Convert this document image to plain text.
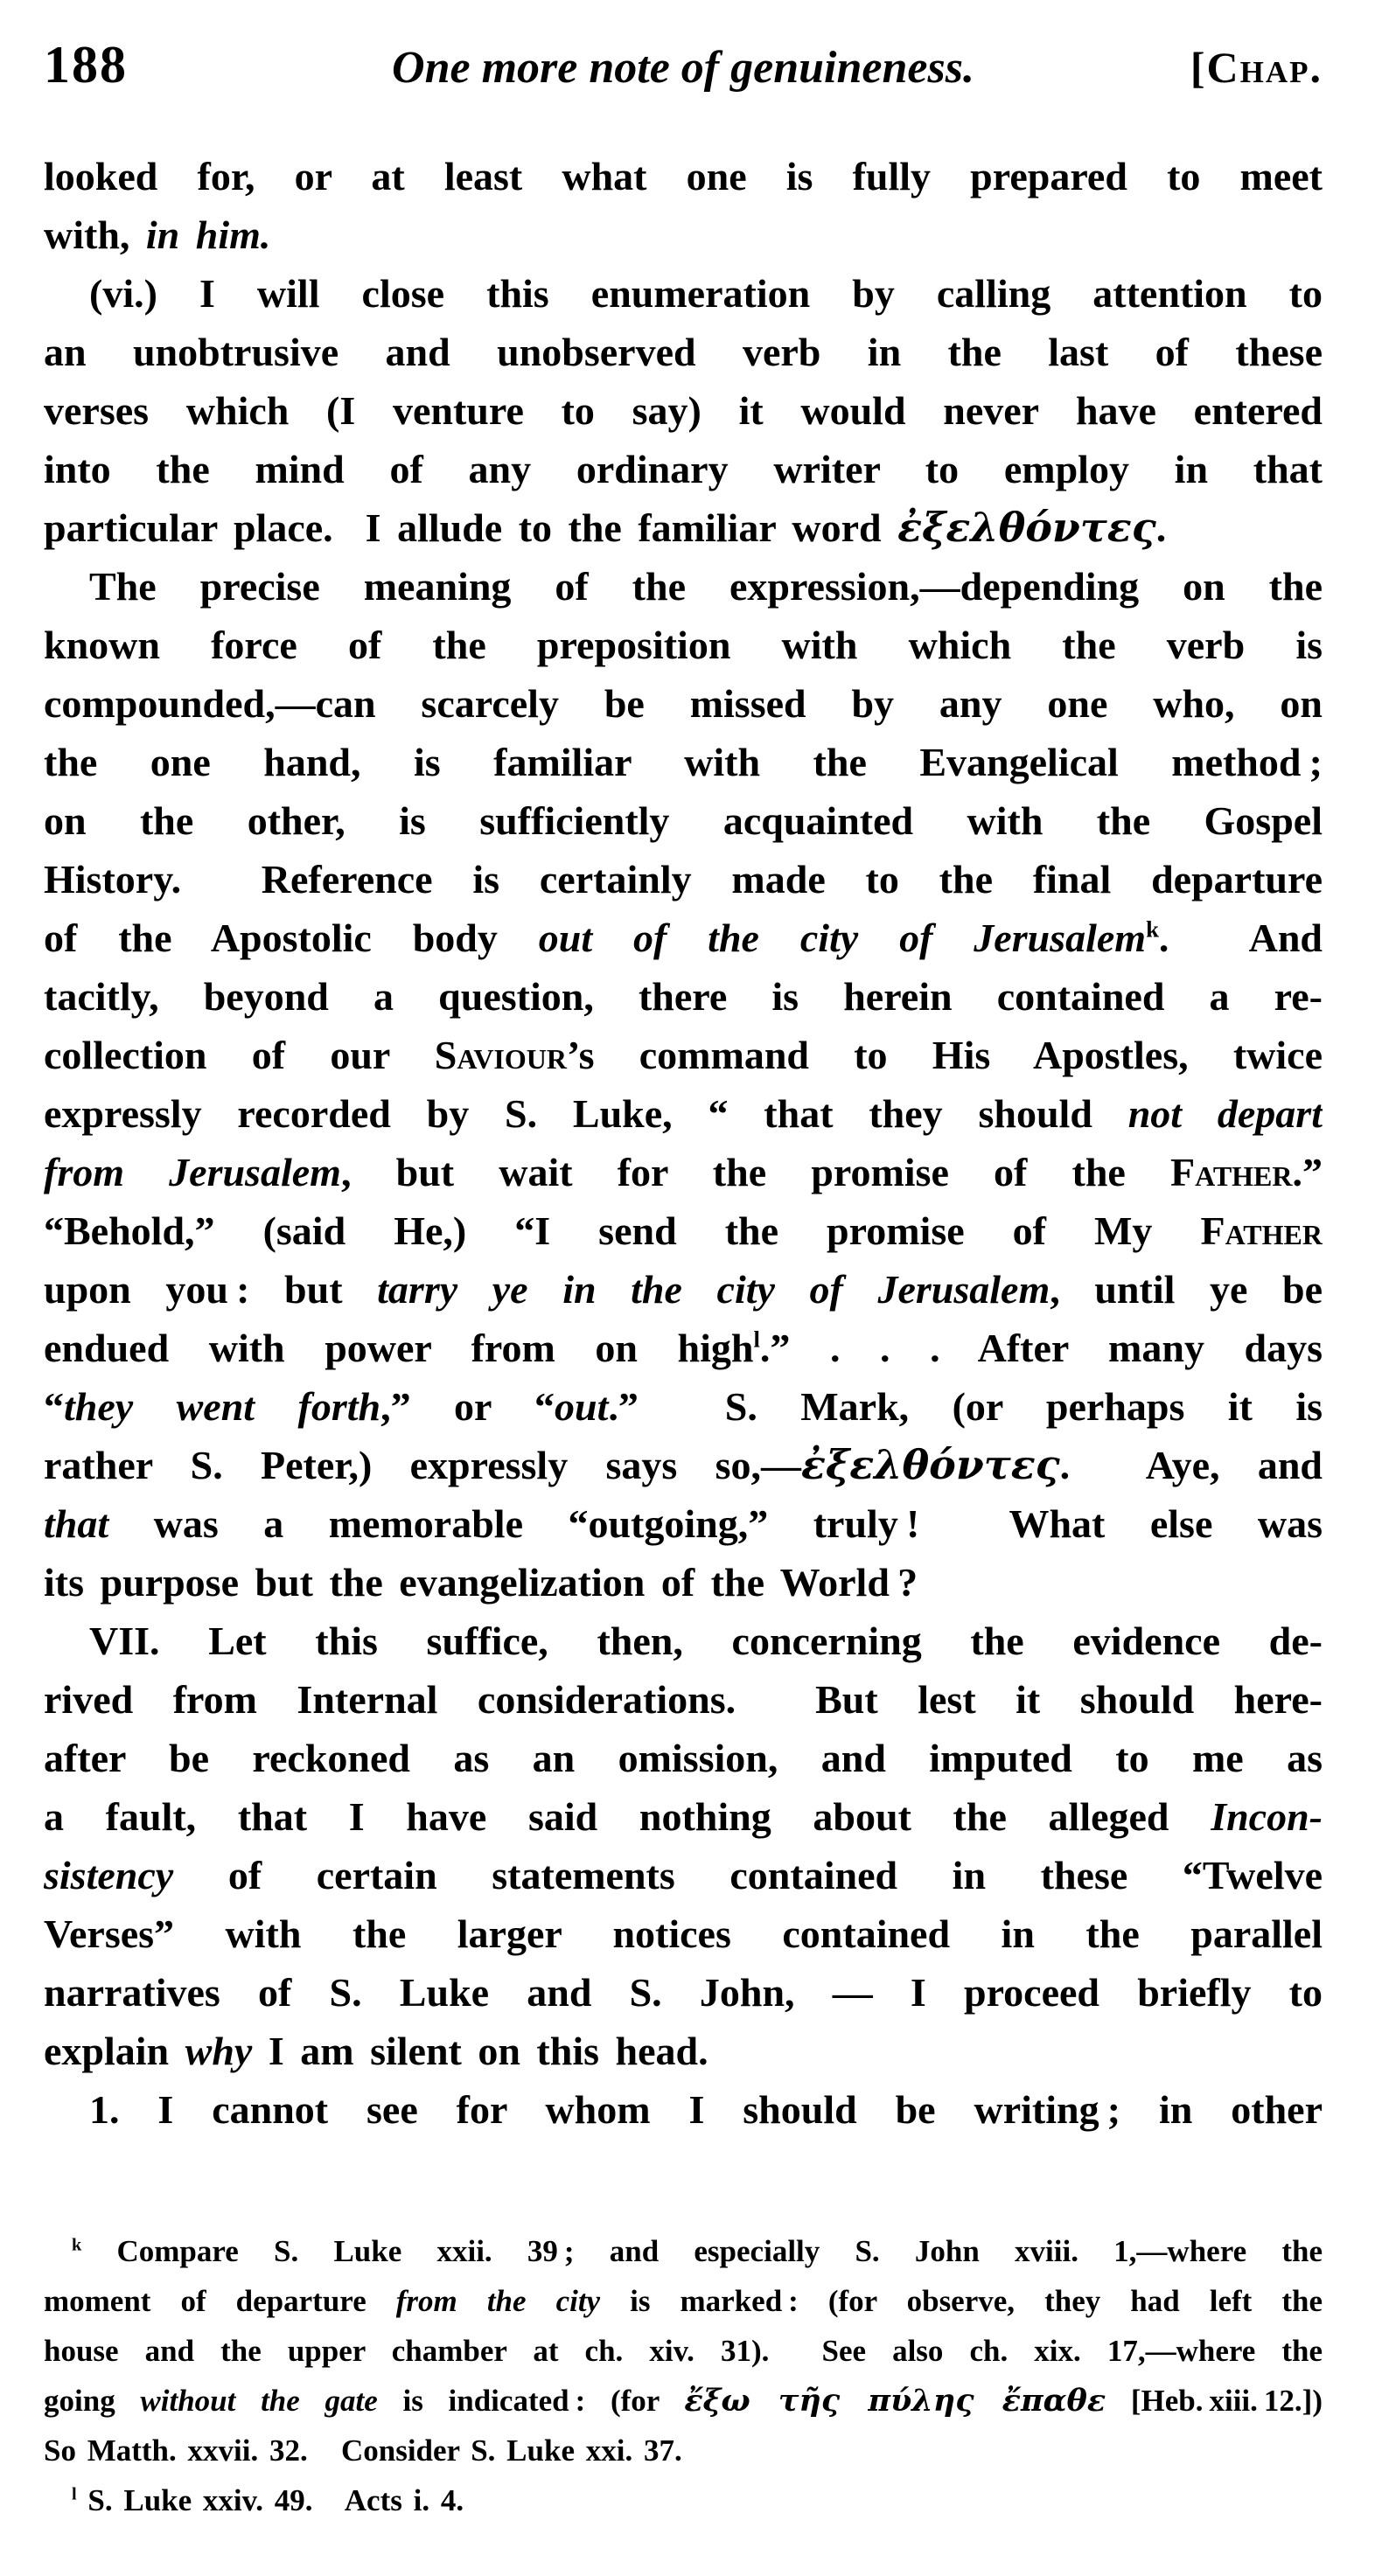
188	One more note of genuineness.	[Chap.
looked for, or at least what one is fully prepared to meet
with, in him.
(vi.) I will close this enumeration by calling attention to
an unobtrusive and unobserved verb in the last of these
verses which (I venture to say) it would never have entered
into the mind of any ordinary writer to employ in that
particular place.  I allude to the familiar word ἐξελθόντες.
The precise meaning of the expression,—depending on the
known force of the preposition with which the verb is
compounded,—can scarcely be missed by any one who, on
the one hand, is familiar with the Evangelical method ;
on the other, is sufficiently acquainted with the Gospel
History.  Reference is certainly made to the final departure
of the Apostolic body out of the city of Jerusalem$^k$.  And
tacitly, beyond a question, there is herein contained a re-
collection of our Saviour’s command to His Apostles, twice
expressly recorded by S. Luke, “ that they should not depart
from Jerusalem, but wait for the promise of the Father.”
“Behold,” (said He,) “I send the promise of My Father
upon you : but tarry ye in the city of Jerusalem, until ye be
endued with power from on high$^l$.” . . . After many days
“they went forth,” or “out.”  S. Mark, (or perhaps it is
rather S. Peter,) expressly says so,—ἐξελθόντες.  Aye, and
that was a memorable “outgoing,” truly !  What else was
its purpose but the evangelization of the World ?
VII. Let this suffice, then, concerning the evidence de-
rived from Internal considerations.  But lest it should here-
after be reckoned as an omission, and imputed to me as
a fault, that I have said nothing about the alleged Incon-
sistency of certain statements contained in these “Twelve
Verses” with the larger notices contained in the parallel
narratives of S. Luke and S. John, — I proceed briefly to
explain why I am silent on this head.
1. I cannot see for whom I should be writing ; in other
$^k$ Compare S. Luke xxii. 39 ; and especially S. John xviii. 1,—where the
moment of departure from the city is marked : (for observe, they had left the
house and the upper chamber at ch. xiv. 31).  See also ch. xix. 17,—where the
going without the gate is indicated : (for ἔξω τῆς πύλης ἔπαθε [Heb. xiii. 12.])
So Matth. xxvii. 32.   Consider S. Luke xxi. 37.
$^l$ S. Luke xxiv. 49.   Acts i. 4.
